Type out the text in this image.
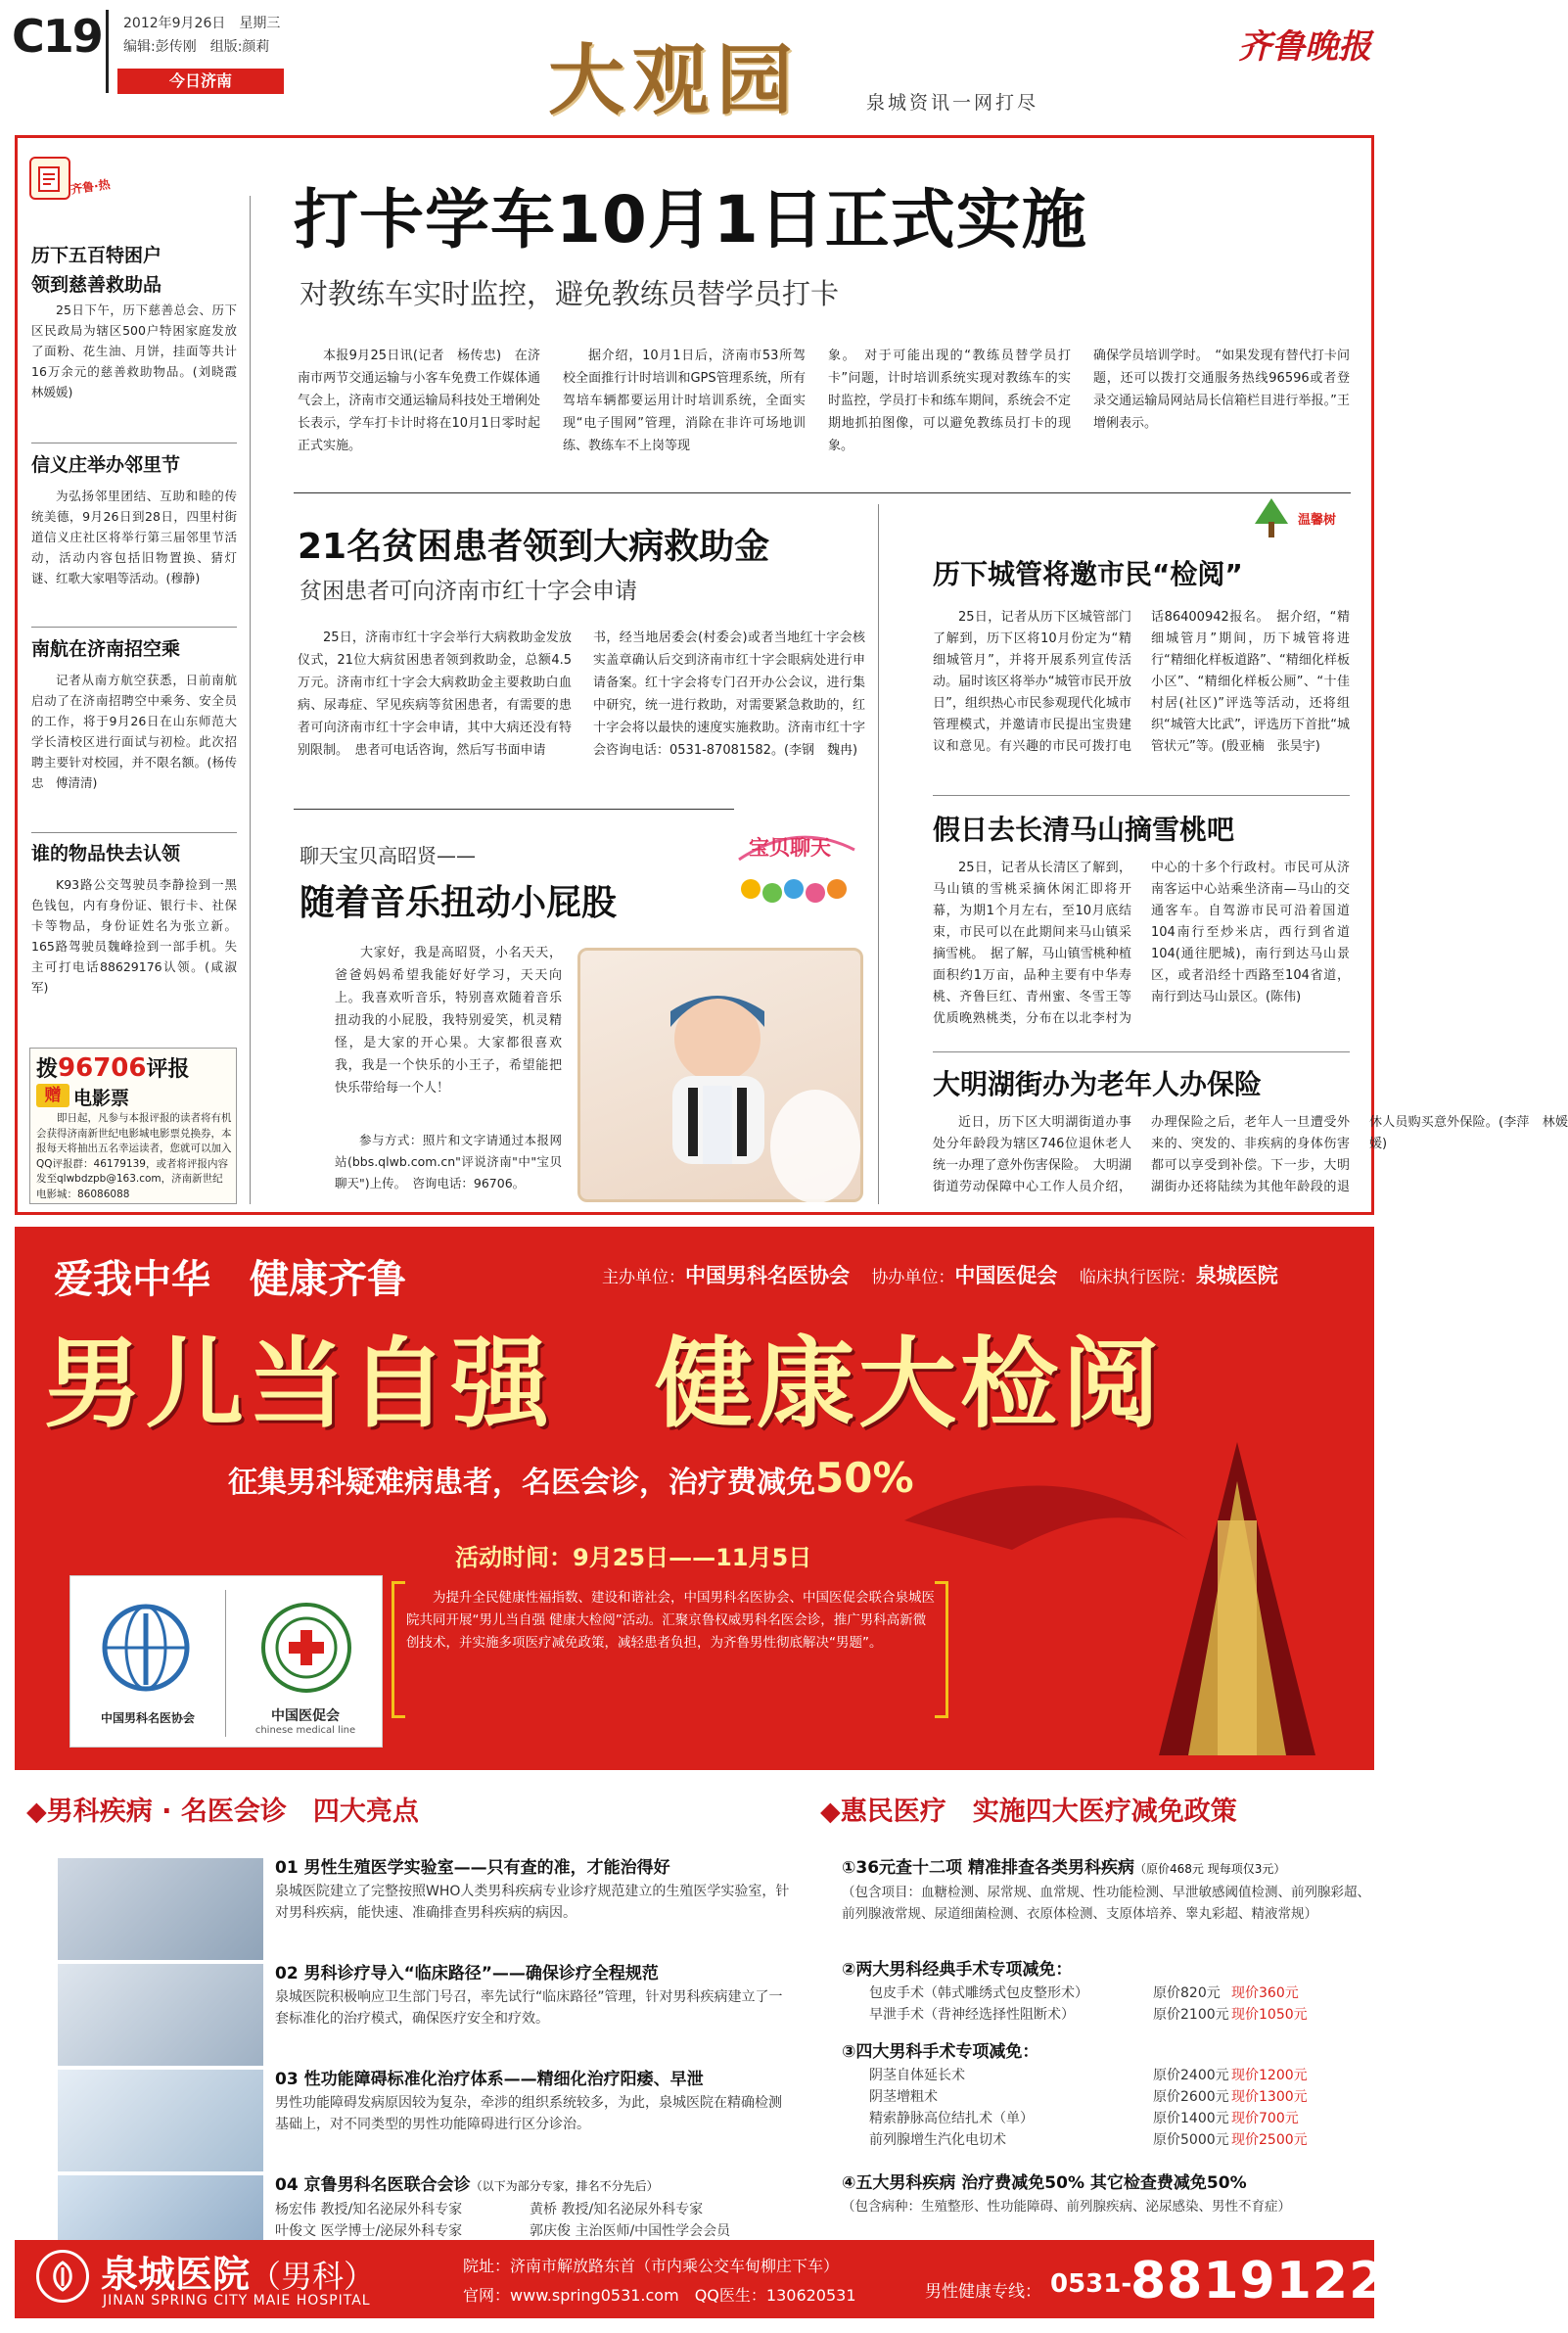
C19 2012年9月26日　 星期三
编辑:彭传刚　 组版:颜莉
今日济南	大观园	泉城资讯一网打尽
齐鲁晚报
齐鲁·热
历下五百特困户
领到慈善救助品
25日下午，历下慈善总会、历下区民政局为辖区500户特困家庭发放了面粉、花生油、月饼，挂面等共计16万余元的慈善救助物品。(刘晓霞　林媛媛)
信义庄举办邻里节
为弘扬邻里团结、互助和睦的传统美德，9月26日到28日，四里村街道信义庄社区将举行第三届邻里节活动，活动内容包括旧物置换、猜灯谜、红歌大家唱等活动。(穆静)
南航在济南招空乘
记者从南方航空获悉，日前南航启动了在济南招聘空中乘务、安全员的工作，将于9月26日在山东师范大学长清校区进行面试与初检。此次招聘主要针对校园，并不限名额。(杨传忠　傅清清)
谁的物品快去认领
K93路公交驾驶员李静捡到一黑色钱包，内有身份证、银行卡、社保卡等物品，身份证姓名为张立新。165路驾驶员魏峰捡到一部手机。失主可打电话88629176认领。(咸淑军)
拨96706评报
赠 电影票
即日起，凡参与本报评报的读者将有机会获得济南新世纪电影城电影票兑换券，本报每天将抽出五名幸运读者，您就可以加入QQ评报群：46179139，或者将评报内容发至qlwbdzpb@163.com，济南新世纪电影城：86086088
打卡学车10月1日正式实施
对教练车实时监控，避免教练员替学员打卡
本报9月25日讯(记者　杨传忠)　在济南市两节交通运输与小客车免费工作媒体通气会上，济南市交通运输局科技处王增俐处长表示，学车打卡计时将在10月1日零时起正式实施。
据介绍，10月1日后，济南市53所驾校全面推行计时培训和GPS管理系统，所有驾培车辆都要运用计时培训系统，全面实现“电子围网”管理，消除在非许可场地训练、教练车不上岗等现
象。　对于可能出现的“教练员替学员打卡”问题，计时培训系统实现对教练车的实时监控，学员打卡和练车期间，系统会不定期地抓拍图像，可以避免教练员打卡的现象。
确保学员培训学时。　“如果发现有替代打卡问题，还可以拨打交通服务热线96596或者登录交通运输局网站局长信箱栏目进行举报。”王增俐表示。
21名贫困患者领到大病救助金
贫困患者可向济南市红十字会申请
25日，济南市红十字会举行大病救助金发放仪式，21位大病贫困患者领到救助金，总额4.5万元。济南市红十字会大病救助金主要救助白血病、尿毒症、罕见疾病等贫困患者，有需要的患者可向济南市红十字会申请，其中大病还没有特别限制。　患者可电话咨询，然后写书面申请
书，经当地居委会(村委会)或者当地红十字会核实盖章确认后交到济南市红十字会眼病处进行申请备案。红十字会将专门召开办公会议，进行集中研究，统一进行救助，对需要紧急救助的，红十字会将以最快的速度实施救助。济南市红十字会咨询电话：0531-87081582。(李钢　魏冉)
宝贝聊天
聊天宝贝高昭贤——
随着音乐扭动小屁股
大家好，我是高昭贤，小名天天，爸爸妈妈希望我能好好学习，天天向上。我喜欢听音乐，特别喜欢随着音乐扭动我的小屁股，我特别爱笑，机灵精怪，是大家的开心果。大家都很喜欢我，我是一个快乐的小王子，希望能把快乐带给每一个人！
参与方式：照片和文字请通过本报网站(bbs.qlwb.com.cn"评说济南"中"宝贝聊天")上传。　咨询电话：96706。
温馨树
历下城管将邀市民“检阅”
25日，记者从历下区城管部门了解到，历下区将10月份定为“精细城管月”，并将开展系列宣传活动。届时该区将举办“城管市民开放日”，组织热心市民参观现代化城市管理模式，并邀请市民提出宝贵建议和意见。有兴趣的市民可拨打电话86400942报名。　据介绍，“精细城管月”期间，历下城管将进行“精细化样板道路”、“精细化样板小区”、“精细化样板公厕”、“十佳村居(社区)”评选等活动，还将组织“城管大比武”，评选历下首批“城管状元”等。(殷亚楠　张昊宇)
假日去长清马山摘雪桃吧
25日，记者从长清区了解到，马山镇的雪桃采摘休闲汇即将开幕，为期1个月左右，至10月底结束，市民可以在此期间来马山镇采摘雪桃。　据了解，马山镇雪桃种植面积约1万亩，品种主要有中华寿桃、齐鲁巨红、青州蜜、冬雪王等优质晚熟桃类，分布在以北李村为中心的十多个行政村。市民可从济南客运中心站乘坐济南—马山的交通客车。自驾游市民可沿着国道104南行至炒米店，西行到省道104(通往肥城)，南行到达马山景区，或者沿经十西路至104省道，南行到达马山景区。(陈伟)
大明湖街办为老年人办保险
近日，历下区大明湖街道办事处分年龄段为辖区746位退休老人统一办理了意外伤害保险。　大明湖街道劳动保障中心工作人员介绍，办理保险之后，老年人一旦遭受外来的、突发的、非疾病的身体伤害都可以享受到补偿。下一步，大明湖街办还将陆续为其他年龄段的退休人员购买意外保险。(李萍　林媛媛)
爱我中华　健康齐鲁	主办单位：中国男科名医协会　 协办单位：中国医促会　 临床执行医院：泉城医院
男儿当自强　健康大检阅
征集男科疑难病患者，名医会诊，治疗费减免50%
活动时间：9月25日——11月5日
中国男科名医协会	中国医促会
chinese medical line
为提升全民健康性福指数、建设和谐社会，中国男科名医协会、中国医促会联合泉城医院共同开展“男儿当自强 健康大检阅”活动。汇聚京鲁权威男科名医会诊，推广男科高新微创技术，并实施多项医疗减免政策，减轻患者负担，为齐鲁男性彻底解决“男题”。
◆男科疾病 · 名医会诊　四大亮点	◆惠民医疗　实施四大医疗减免政策
01 男性生殖医学实验室——只有查的准，才能治得好
泉城医院建立了完整按照WHO人类男科疾病专业诊疗规范建立的生殖医学实验室，针对男科疾病，能快速、准确排查男科疾病的病因。
02 男科诊疗导入“临床路径”——确保诊疗全程规范
泉城医院积极响应卫生部门号召，率先试行“临床路径”管理，针对男科疾病建立了一套标准化的治疗模式，确保医疗安全和疗效。
03 性功能障碍标准化治疗体系——精细化治疗阳痿、早泄
男性功能障碍发病原因较为复杂，牵涉的组织系统较多，为此，泉城医院在精确检测基础上，对不同类型的男性功能障碍进行区分诊治。
04 京鲁男科名医联合会诊（以下为部分专家，排名不分先后）
杨宏伟 教授/知名泌尿外科专家	黄桥 教授/知名泌尿外科专家
叶俊文 医学博士/泌尿外科专家	郭庆俊 主治医师/中国性学会会员
①36元查十二项 精准排查各类男科疾病（原价468元 现每项仅3元）
（包含项目：血糖检测、尿常规、血常规、性功能检测、早泄敏感阈值检测、前列腺彩超、前列腺液常规、尿道细菌检测、衣原体检测、支原体培养、睾丸彩超、精液常规）
②两大男科经典手术专项减免：
包皮手术（韩式雕绣式包皮整形术）	原价820元 现价360元
早泄手术（背神经选择性阻断术）	原价2100元 现价1050元
③四大男科手术专项减免：
阴茎自体延长术	原价2400元 现价1200元
阴茎增粗术	原价2600元 现价1300元
精索静脉高位结扎术（单）	原价1400元 现价700元
前列腺增生汽化电切术	原价5000元 现价2500元
④五大男科疾病 治疗费减免50% 其它检查费减免50%
（包含病种：生殖整形、性功能障碍、前列腺疾病、泌尿感染、男性不育症）
泉城医院（男科）
JINAN SPRING CITY MAIE HOSPITAL
院址：济南市解放路东首（市内乘公交车甸柳庄下车）
官网：www.spring0531.com　 QQ医生：130620531	男性健康专线： 0531-
88191222
